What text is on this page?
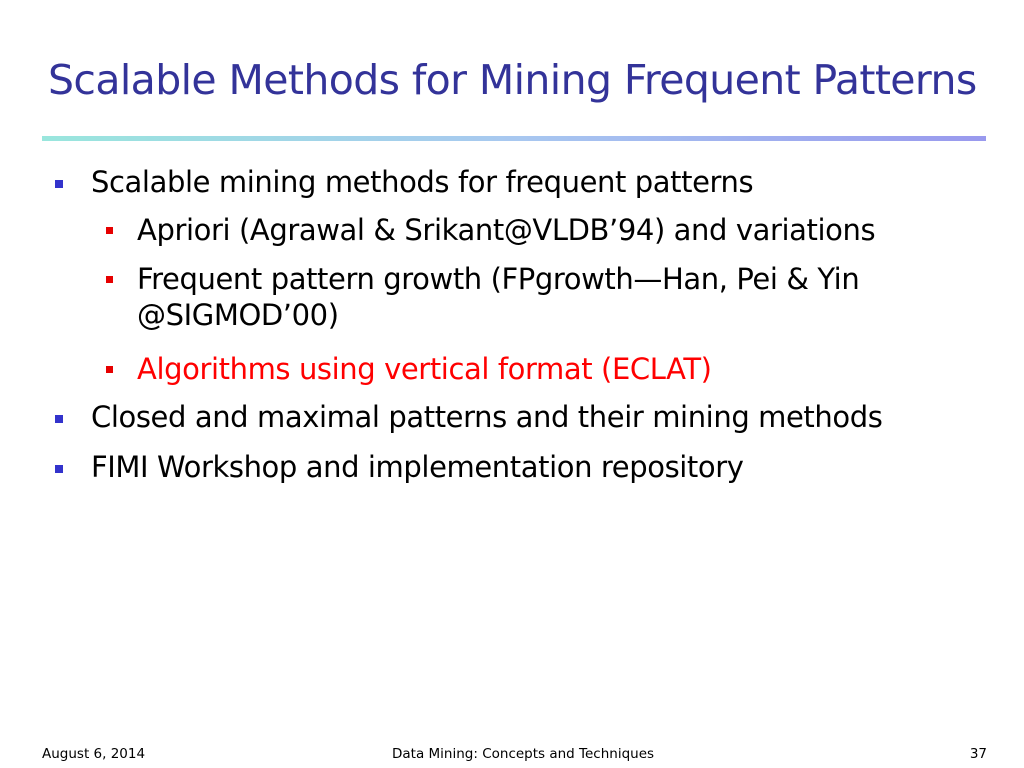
Scalable Methods for Mining Frequent Patterns
Scalable mining methods for frequent patterns
Apriori (Agrawal & Srikant@VLDB’94) and variations
Frequent pattern growth (FPgrowth—Han, Pei & Yin @SIGMOD’00)
Algorithms using vertical format (ECLAT)
Closed and maximal patterns and their mining methods
FIMI Workshop and implementation repository
August 6, 2014	Data Mining: Concepts and Techniques	37
